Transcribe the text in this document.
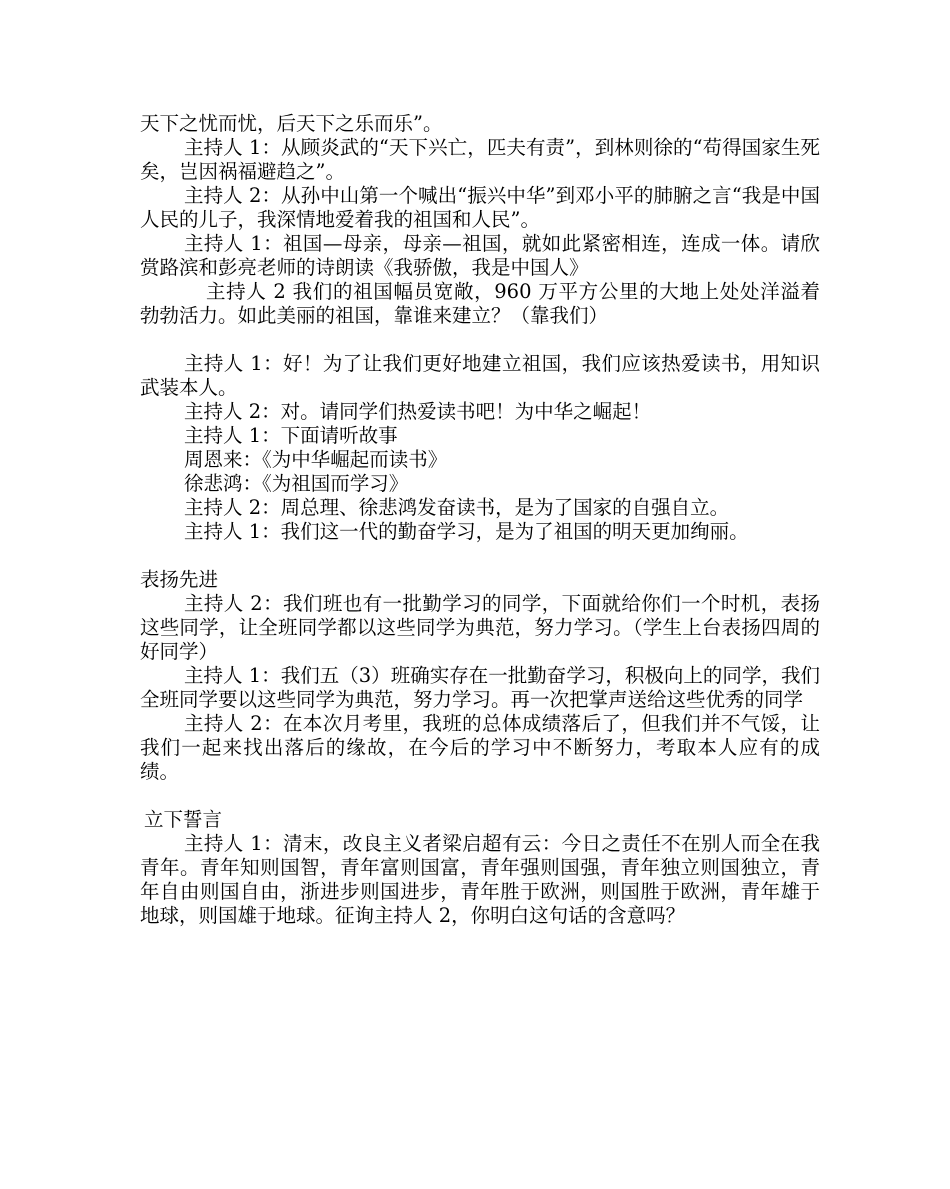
天下之忧而忧，后天下之乐而乐”。

主持人 1：从顾炎武的“天下兴亡，匹夫有责”，到林则徐的“苟得国家生死矣，岂因祸福避趋之”。

主持人 2：从孙中山第一个喊出“振兴中华”到邓小平的肺腑之言“我是中国人民的儿子，我深情地爱着我的祖国和人民”。

主持人 1：祖国—母亲，母亲—祖国，就如此紧密相连，连成一体。请欣赏路滨和彭亮老师的诗朗读《我骄傲，我是中国人》

主持人 2 我们的祖国幅员宽敞，960 万平方公里的大地上处处洋溢着勃勃活力。如此美丽的祖国，靠谁来建立？（靠我们）

主持人 1：好！为了让我们更好地建立祖国，我们应该热爱读书，用知识武装本人。

主持人 2：对。请同学们热爱读书吧！为中华之崛起！

主持人 1：下面请听故事

周恩来：《为中华崛起而读书》

徐悲鸿：《为祖国而学习》

主持人 2：周总理、徐悲鸿发奋读书，是为了国家的自强自立。

主持人 1：我们这一代的勤奋学习，是为了祖国的明天更加绚丽。

表扬先进

主持人 2：我们班也有一批勤学习的同学，下面就给你们一个时机，表扬这些同学，让全班同学都以这些同学为典范，努力学习。（学生上台表扬四周的好同学）

主持人 1：我们五（3）班确实存在一批勤奋学习，积极向上的同学，我们全班同学要以这些同学为典范，努力学习。再一次把掌声送给这些优秀的同学

主持人 2：在本次月考里，我班的总体成绩落后了，但我们并不气馁，让我们一起来找出落后的缘故，在今后的学习中不断努力，考取本人应有的成绩。

立下誓言

主持人 1：清末，改良主义者梁启超有云：今日之责任不在别人而全在我青年。青年知则国智，青年富则国富，青年强则国强，青年独立则国独立，青年自由则国自由，浙进步则国进步，青年胜于欧洲，则国胜于欧洲，青年雄于地球，则国雄于地球。征询主持人 2，你明白这句话的含意吗？
